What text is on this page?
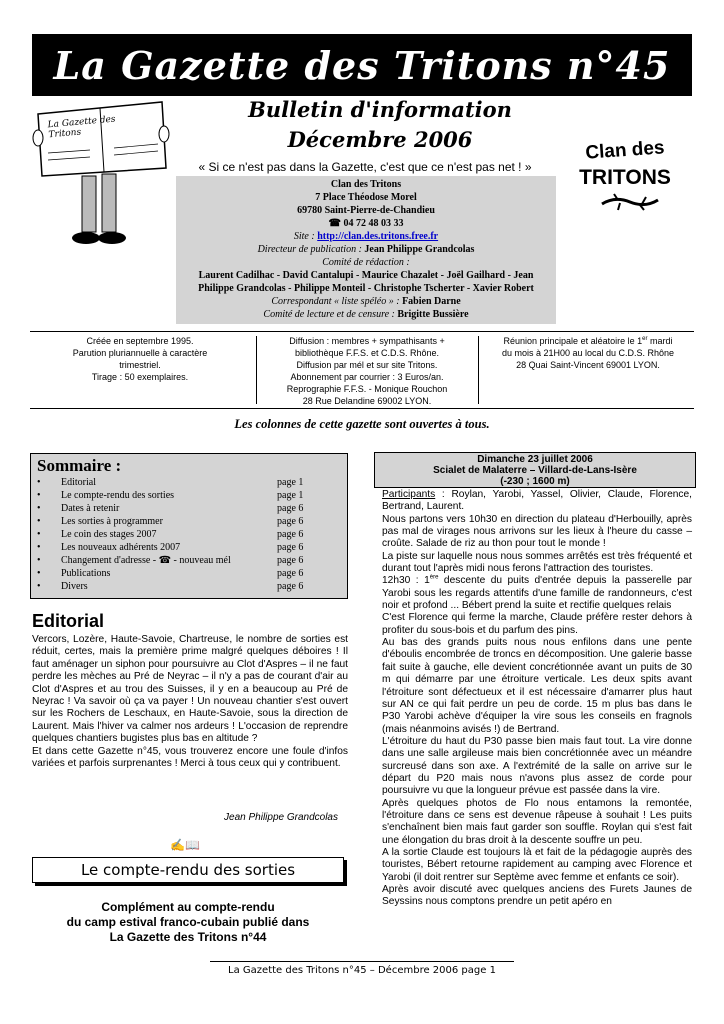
La Gazette des Tritons n°45
La Gazette des Tritons
Bulletin d'information
Décembre 2006
« Si ce n'est pas dans la Gazette, c'est que ce n'est pas net ! »
Clan des
TRITONS
Clan des Tritons
7 Place Théodose Morel
69780 Saint-Pierre-de-Chandieu
☎ 04 72 48 03 33
Site : http://clan.des.tritons.free.fr
Directeur de publication : Jean Philippe Grandcolas
Comité de rédaction :
Laurent Cadilhac - David Cantalupi - Maurice Chazalet - Joël Gailhard - Jean
Philippe Grandcolas - Philippe Monteil - Christophe Tscherter - Xavier Robert
Correspondant « liste spéléo » : Fabien Darne
Comité de lecture et de censure : Brigitte Bussière
Créée en septembre 1995.
Parution pluriannuelle à caractère
trimestriel.
Tirage : 50 exemplaires.
Diffusion : membres + sympathisants +
bibliothèque F.F.S. et C.D.S. Rhône.
Diffusion par mél et sur site Tritons.
Abonnement par courrier : 3 Euros/an.
Reprographie F.F.S. - Monique Rouchon
28 Rue Delandine 69002 LYON.
Réunion principale et aléatoire le 1er mardi
du mois à 21H00 au local du C.D.S. Rhône
28 Quai Saint-Vincent 69001 LYON.
Les colonnes de cette gazette sont ouvertes à tous.
Sommaire :
• Editorial	page 1
• Le compte-rendu des sorties	page 1
• Dates à retenir	page 6
• Les sorties à programmer	page 6
• Le coin des stages 2007	page 6
• Les nouveaux adhérents 2007	page 6
• Changement d'adresse - ☎ - nouveau mél	page 6
• Publications	page 6
• Divers	page 6
Editorial
Vercors, Lozère, Haute-Savoie, Chartreuse, le nombre de sorties est réduit, certes, mais la première prime malgré quelques déboires ! Il faut aménager un siphon pour poursuivre au Clot d'Aspres – il ne faut perdre les mèches au Pré de Neyrac – il n'y a pas de courant d'air au Clot d'Aspres et au trou des Suisses, il y en a beaucoup au Pré de Neyrac ! Va savoir où ça va payer ! Un nouveau chantier s'est ouvert sur les Rochers de Leschaux, en Haute-Savoie, sous la direction de Laurent. Mais l'hiver va calmer nos ardeurs ! L'occasion de reprendre quelques chantiers bugistes plus bas en altitude ?
Et dans cette Gazette n°45, vous trouverez encore une foule d'infos variées et parfois surprenantes ! Merci à tous ceux qui y contribuent.
Jean Philippe Grandcolas
✍📖
Le compte-rendu des sorties
Complément au compte-rendu
du camp estival franco-cubain publié dans
La Gazette des Tritons n°44
Dimanche 23 juillet 2006
Scialet de Malaterre – Villard-de-Lans-Isère
(-230 ; 1600 m)

Participants : Roylan, Yarobi, Yassel, Olivier, Claude, Florence, Bertrand, Laurent.

Nous partons vers 10h30 en direction du plateau d'Herbouilly, après pas mal de virages nous arrivons sur les lieux à l'heure du casse –croûte. Salade de riz au thon pour tout le monde !

La piste sur laquelle nous nous sommes arrêtés est très fréquenté et durant tout l'après midi nous ferons l'attraction des touristes.

12h30 : 1ère descente du puits d'entrée depuis la passerelle par Yarobi sous les regards attentifs d'une famille de randonneurs, c'est noir et profond ... Bébert prend la suite et rectifie quelques relais

C'est Florence qui ferme la marche, Claude préfère rester dehors à profiter du sous-bois et du parfum des pins.

Au bas des grands puits nous nous enfilons dans une pente d'éboulis encombrée de troncs en décomposition. Une galerie basse fait suite à gauche, elle devient concrétionnée avant un puits de 30 m qui démarre par une étroiture verticale. Les deux spits avant l'étroiture sont défectueux et il est nécessaire d'amarrer plus haut sur AN ce qui fait perdre un peu de corde. 15 m plus bas dans le P30 Yarobi achève d'équiper la vire sous les conseils en fragnols (mais néanmoins avisés !) de Bertrand.

L'étroiture du haut du P30 passe bien mais faut tout. La vire donne dans une salle argileuse mais bien concrétionnée avec un méandre surcreusé dans son axe. A l'extrémité de la salle on arrive sur le départ du P20 mais nous n'avons plus assez de corde pour poursuivre vu que la longueur prévue est passée dans la vire.

Après quelques photos de Flo nous entamons la remontée, l'étroiture dans ce sens est devenue râpeuse à souhait ! Les puits s'enchaînent bien mais faut garder son souffle. Roylan qui s'est fait une élongation du bras droit à la descente souffre un peu.

A la sortie Claude est toujours là et fait de la pédagogie auprès des touristes, Bébert retourne rapidement au camping avec Florence et Yarobi (il doit rentrer sur Septème avec femme et enfants ce soir).

Après avoir discuté avec quelques anciens des Furets Jaunes de Seyssins nous comptons prendre un petit apéro en

La Gazette des Tritons n°45 – Décembre 2006 page 1
